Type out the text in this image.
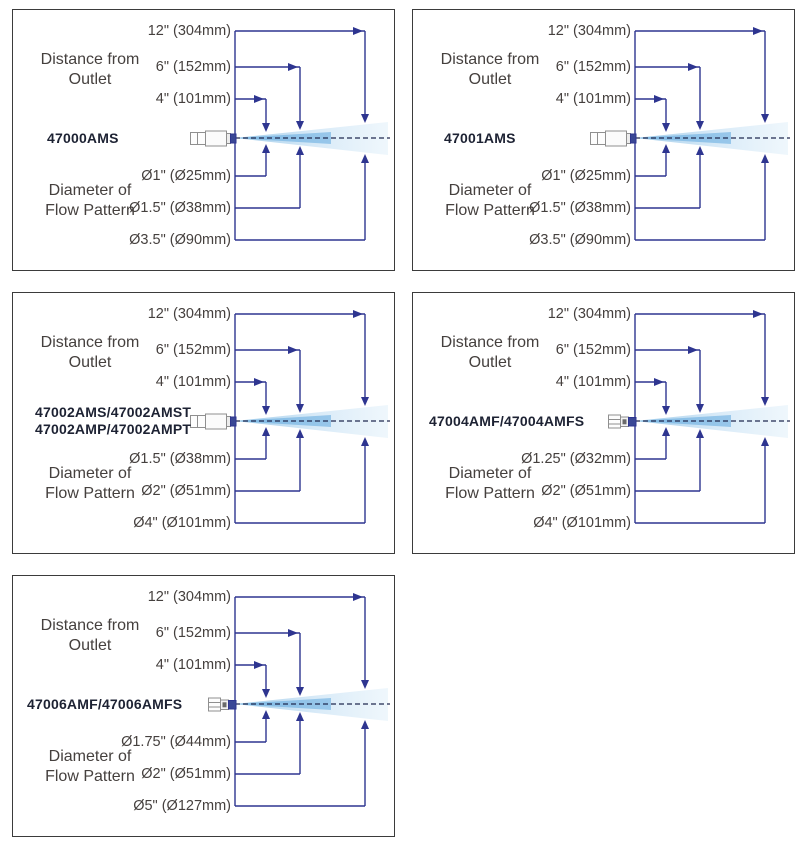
Distance from
Outlet
47000AMS
Diameter of
Flow Pattern
12" (304mm)
6" (152mm)
4" (101mm)
Ø1" (Ø25mm)
Ø1.5" (Ø38mm)
Ø3.5" (Ø90mm)
Distance from
Outlet
47001AMS
Diameter of
Flow Pattern
12" (304mm)
6" (152mm)
4" (101mm)
Ø1" (Ø25mm)
Ø1.5" (Ø38mm)
Ø3.5" (Ø90mm)
Distance from
Outlet
47002AMS/47002AMST
47002AMP/47002AMPT
Diameter of
Flow Pattern
12" (304mm)
6" (152mm)
4" (101mm)
Ø1.5" (Ø38mm)
Ø2" (Ø51mm)
Ø4" (Ø101mm)
Distance from
Outlet
47004AMF/47004AMFS
Diameter of
Flow Pattern
12" (304mm)
6" (152mm)
4" (101mm)
Ø1.25" (Ø32mm)
Ø2" (Ø51mm)
Ø4" (Ø101mm)
Distance from
Outlet
47006AMF/47006AMFS
Diameter of
Flow Pattern
12" (304mm)
6" (152mm)
4" (101mm)
Ø1.75" (Ø44mm)
Ø2" (Ø51mm)
Ø5" (Ø127mm)
